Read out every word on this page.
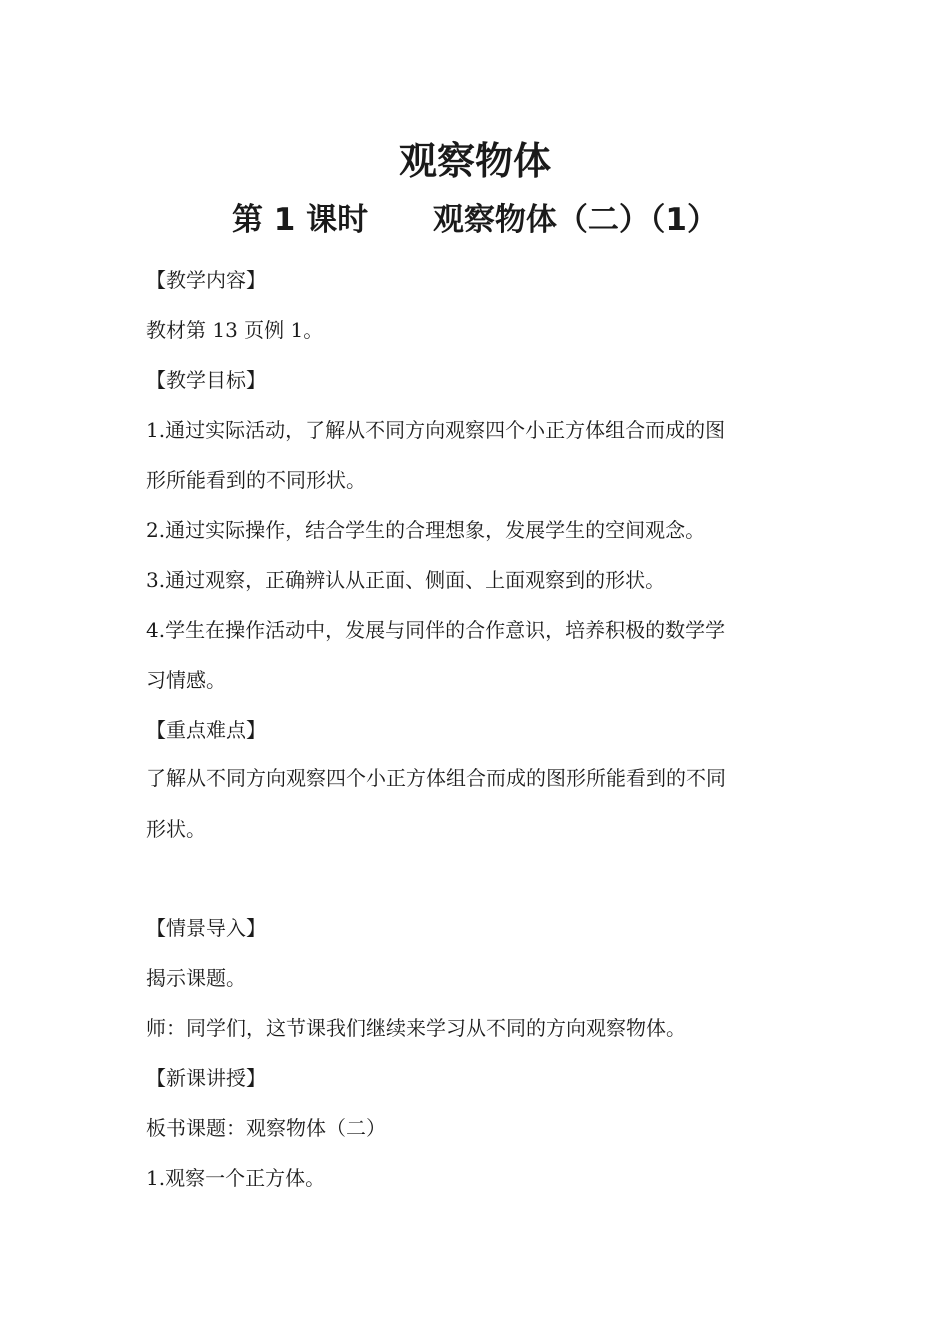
观察物体
第 1 课时      观察物体（二）（1）
【教学内容】
教材第 13 页例 1。
【教学目标】
1.通过实际活动，了解从不同方向观察四个小正方体组合而成的图
形所能看到的不同形状。
2.通过实际操作，结合学生的合理想象，发展学生的空间观念。
3.通过观察，正确辨认从正面、侧面、上面观察到的形状。
4.学生在操作活动中，发展与同伴的合作意识，培养积极的数学学
习情感。
【重点难点】
了解从不同方向观察四个小正方体组合而成的图形所能看到的不同
形状。
【情景导入】
揭示课题。
师：同学们，这节课我们继续来学习从不同的方向观察物体。
【新课讲授】
板书课题：观察物体（二）
1.观察一个正方体。
